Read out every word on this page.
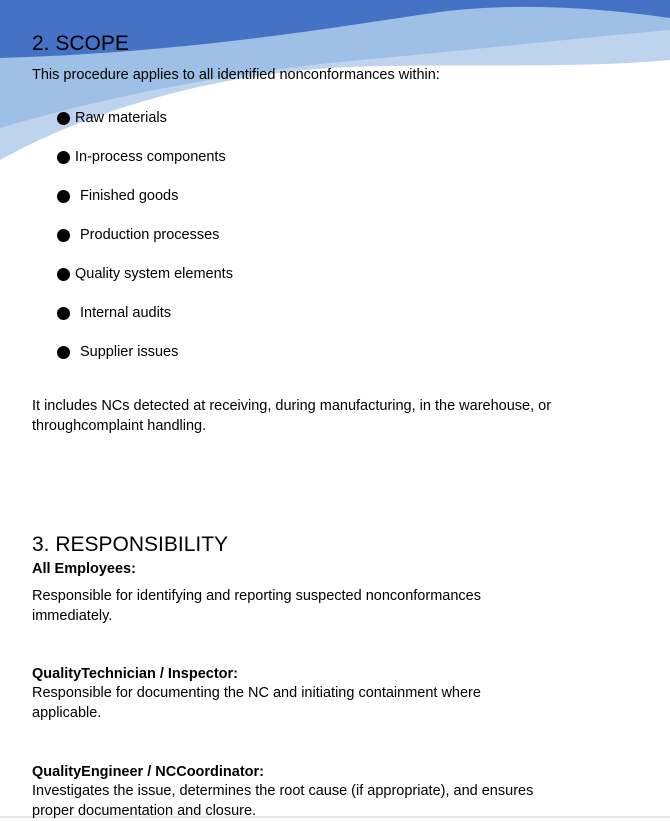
2. SCOPE

This procedure applies to all identified nonconformances within:

Raw materials
In-process components
Finished goods
Production processes
Quality system elements
Internal audits
Supplier issues

It includes NCs detected at receiving, during manufacturing, in the warehouse, or throughcomplaint handling.

3. RESPONSIBILITY

All Employees:

Responsible for identifying and reporting suspected nonconformances immediately.

QualityTechnician / Inspector:

Responsible for documenting the NC and initiating containment where applicable.

QualityEngineer / NCCoordinator:

Investigates the issue, determines the root cause (if appropriate), and ensures proper documentation and closure.
